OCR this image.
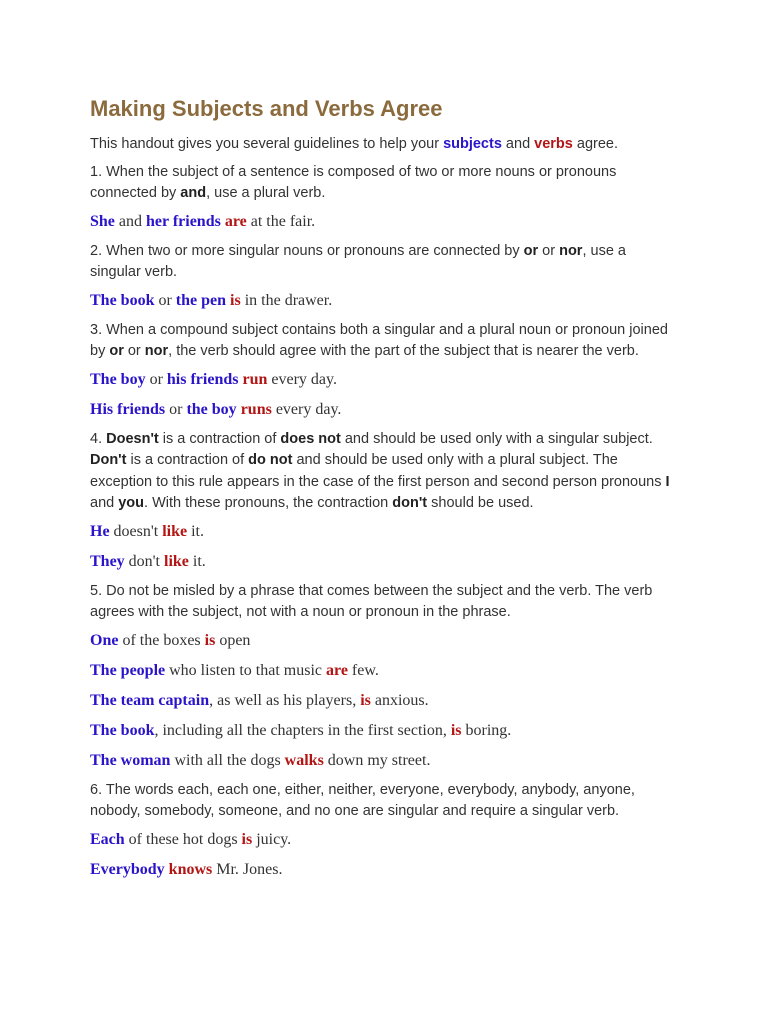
Making Subjects and Verbs Agree

This handout gives you several guidelines to help your subjects and verbs agree.

1. When the subject of a sentence is composed of two or more nouns or pronouns connected by and, use a plural verb.

She and her friends are at the fair.

2. When two or more singular nouns or pronouns are connected by or or nor, use a singular verb.

The book or the pen is in the drawer.

3. When a compound subject contains both a singular and a plural noun or pronoun joined by or or nor, the verb should agree with the part of the subject that is nearer the verb.

The boy or his friends run every day.

His friends or the boy runs every day.

4. Doesn't is a contraction of does not and should be used only with a singular subject. Don't is a contraction of do not and should be used only with a plural subject. The exception to this rule appears in the case of the first person and second person pronouns I and you. With these pronouns, the contraction don't should be used.

He doesn't like it.

They don't like it.

5. Do not be misled by a phrase that comes between the subject and the verb. The verb agrees with the subject, not with a noun or pronoun in the phrase.

One of the boxes is open

The people who listen to that music are few.

The team captain, as well as his players, is anxious.

The book, including all the chapters in the first section, is boring.

The woman with all the dogs walks down my street.

6. The words each, each one, either, neither, everyone, everybody, anybody, anyone, nobody, somebody, someone, and no one are singular and require a singular verb.

Each of these hot dogs is juicy.

Everybody knows Mr. Jones.
